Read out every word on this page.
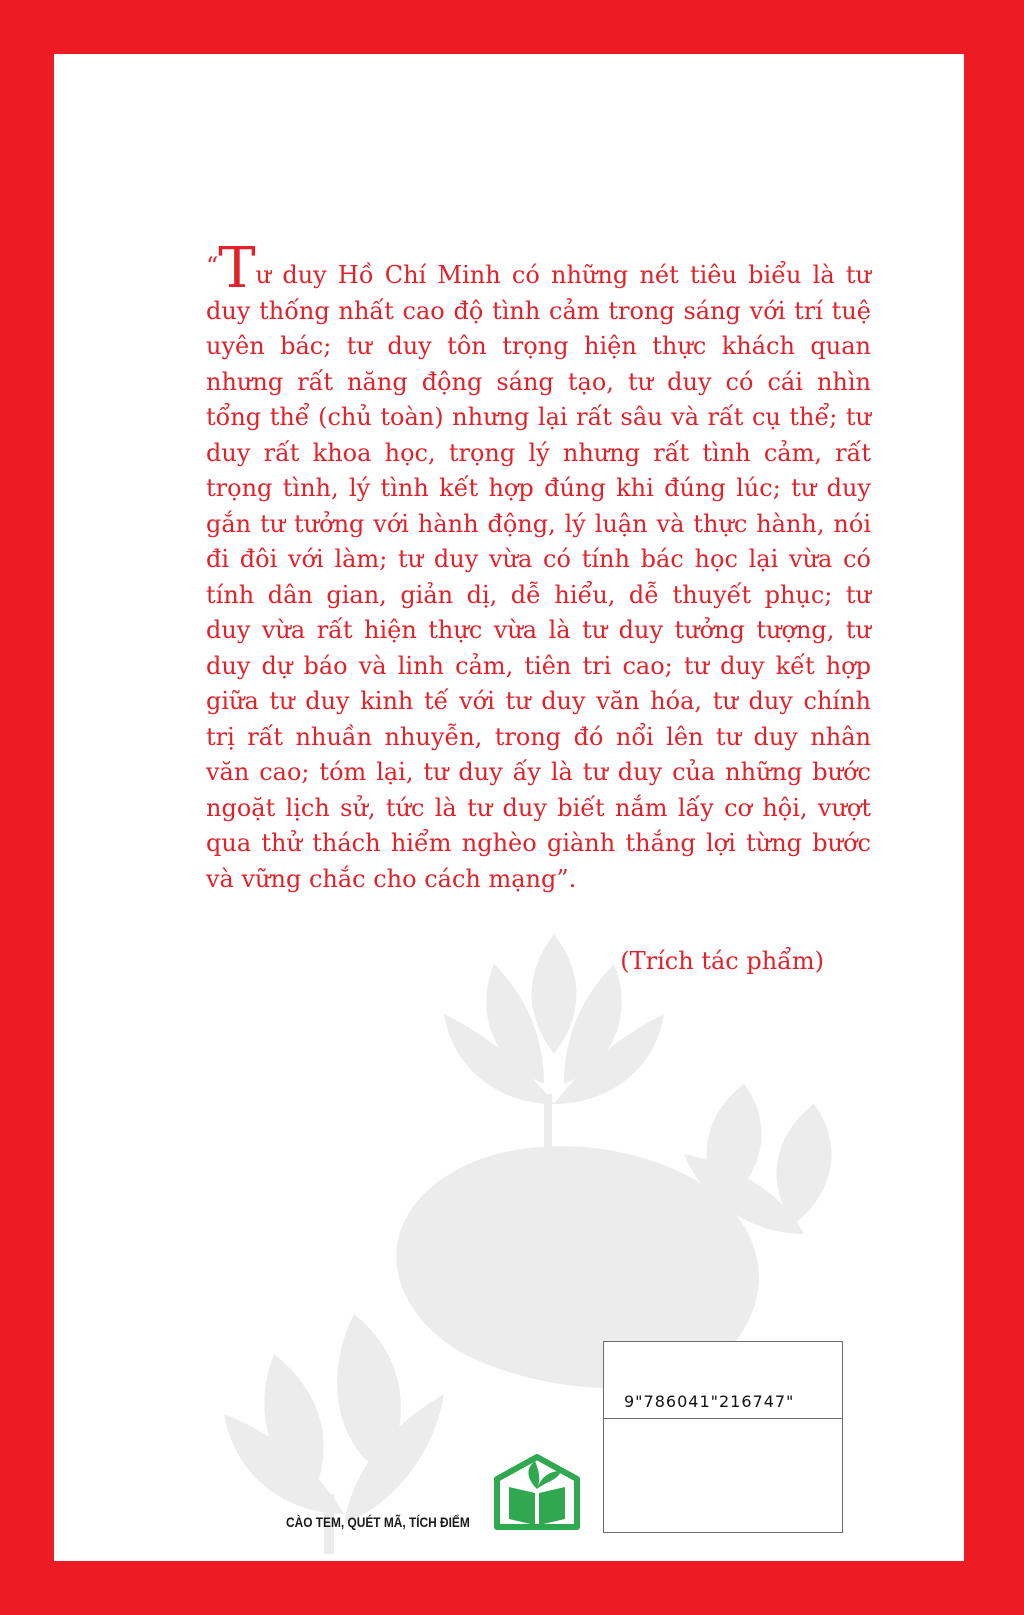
“Tư duy Hồ Chí Minh có những nét tiêu biểu là tư
duy thống nhất cao độ tình cảm trong sáng với trí tuệ
uyên bác; tư duy tôn trọng hiện thực khách quan
nhưng rất năng động sáng tạo, tư duy có cái nhìn
tổng thể (chủ toàn) nhưng lại rất sâu và rất cụ thể; tư
duy rất khoa học, trọng lý nhưng rất tình cảm, rất
trọng tình, lý tình kết hợp đúng khi đúng lúc; tư duy
gắn tư tưởng với hành động, lý luận và thực hành, nói
đi đôi với làm; tư duy vừa có tính bác học lại vừa có
tính dân gian, giản dị, dễ hiểu, dễ thuyết phục; tư
duy vừa rất hiện thực vừa là tư duy tưởng tượng, tư
duy dự báo và linh cảm, tiên tri cao; tư duy kết hợp
giữa tư duy kinh tế với tư duy văn hóa, tư duy chính
trị rất nhuần nhuyễn, trong đó nổi lên tư duy nhân
văn cao; tóm lại, tư duy ấy là tư duy của những bước
ngoặt lịch sử, tức là tư duy biết nắm lấy cơ hội, vượt
qua thử thách hiểm nghèo giành thắng lợi từng bước
và vững chắc cho cách mạng”.

(Trích tác phẩm)
CÀO TEM, QUÉT MÃ, TÍCH ĐIỂM
9"786041"216747"
